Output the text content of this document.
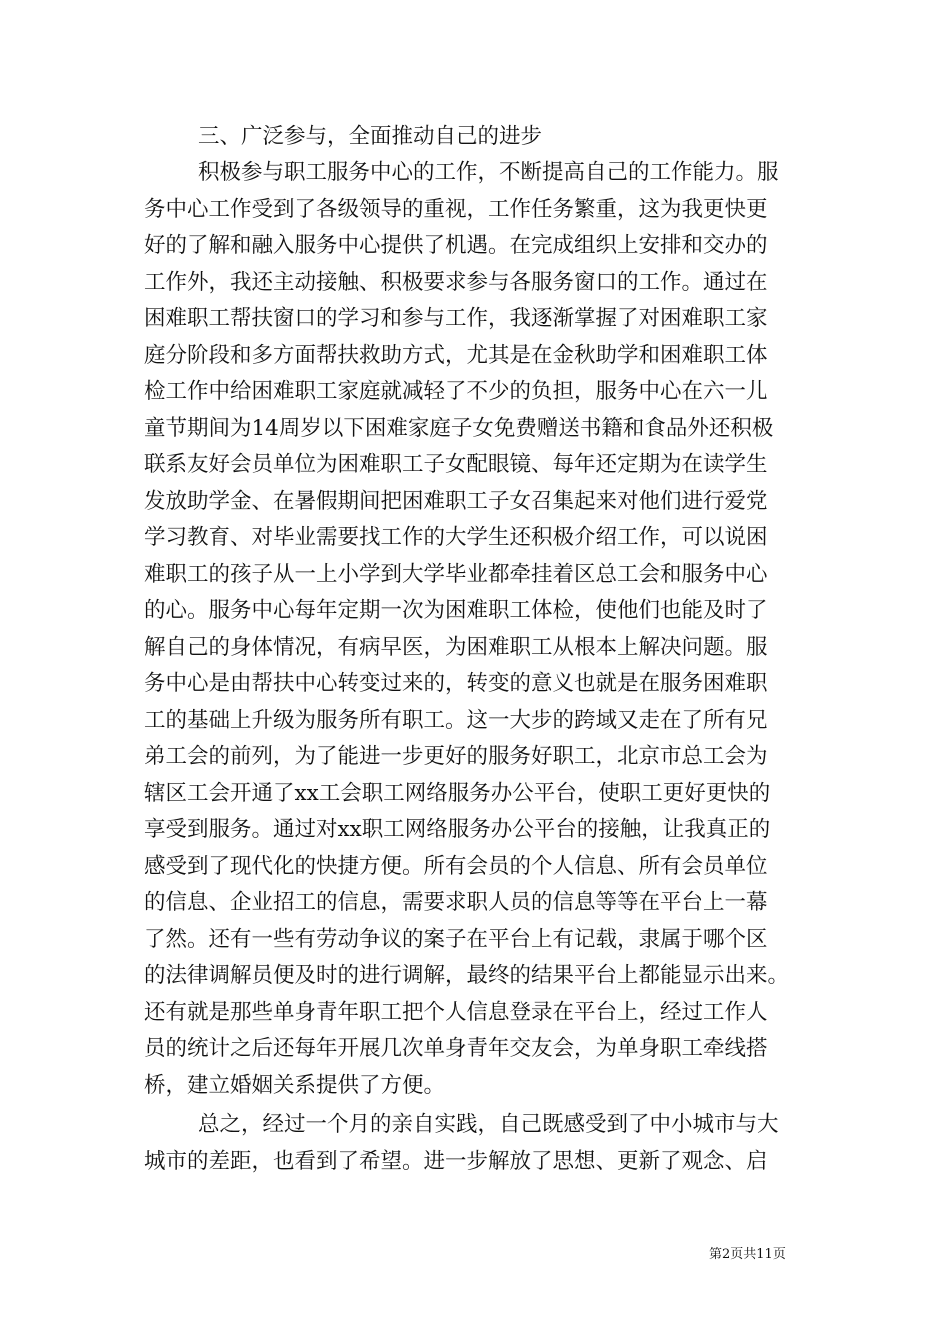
三、广泛参与，全面推动自己的进步
积极参与职工服务中心的工作，不断提高自己的工作能力。服
务中心工作受到了各级领导的重视，工作任务繁重，这为我更快更
好的了解和融入服务中心提供了机遇。在完成组织上安排和交办的
工作外，我还主动接触、积极要求参与各服务窗口的工作。通过在
困难职工帮扶窗口的学习和参与工作，我逐渐掌握了对困难职工家
庭分阶段和多方面帮扶救助方式，尤其是在金秋助学和困难职工体
检工作中给困难职工家庭就减轻了不少的负担，服务中心在六一儿
童节期间为14周岁以下困难家庭子女免费赠送书籍和食品外还积极
联系友好会员单位为困难职工子女配眼镜、每年还定期为在读学生
发放助学金、在暑假期间把困难职工子女召集起来对他们进行爱党
学习教育、对毕业需要找工作的大学生还积极介绍工作，可以说困
难职工的孩子从一上小学到大学毕业都牵挂着区总工会和服务中心
的心。服务中心每年定期一次为困难职工体检，使他们也能及时了
解自己的身体情况，有病早医，为困难职工从根本上解决问题。服
务中心是由帮扶中心转变过来的，转变的意义也就是在服务困难职
工的基础上升级为服务所有职工。这一大步的跨域又走在了所有兄
弟工会的前列，为了能进一步更好的服务好职工，北京市总工会为
辖区工会开通了xx工会职工网络服务办公平台，使职工更好更快的
享受到服务。通过对xx职工网络服务办公平台的接触，让我真正的
感受到了现代化的快捷方便。所有会员的个人信息、所有会员单位
的信息、企业招工的信息，需要求职人员的信息等等在平台上一幕
了然。还有一些有劳动争议的案子在平台上有记载，隶属于哪个区
的法律调解员便及时的进行调解，最终的结果平台上都能显示出来。
还有就是那些单身青年职工把个人信息登录在平台上，经过工作人
员的统计之后还每年开展几次单身青年交友会，为单身职工牵线搭
桥，建立婚姻关系提供了方便。
总之，经过一个月的亲自实践，自己既感受到了中小城市与大
城市的差距，也看到了希望。进一步解放了思想、更新了观念、启
第2页共11页
